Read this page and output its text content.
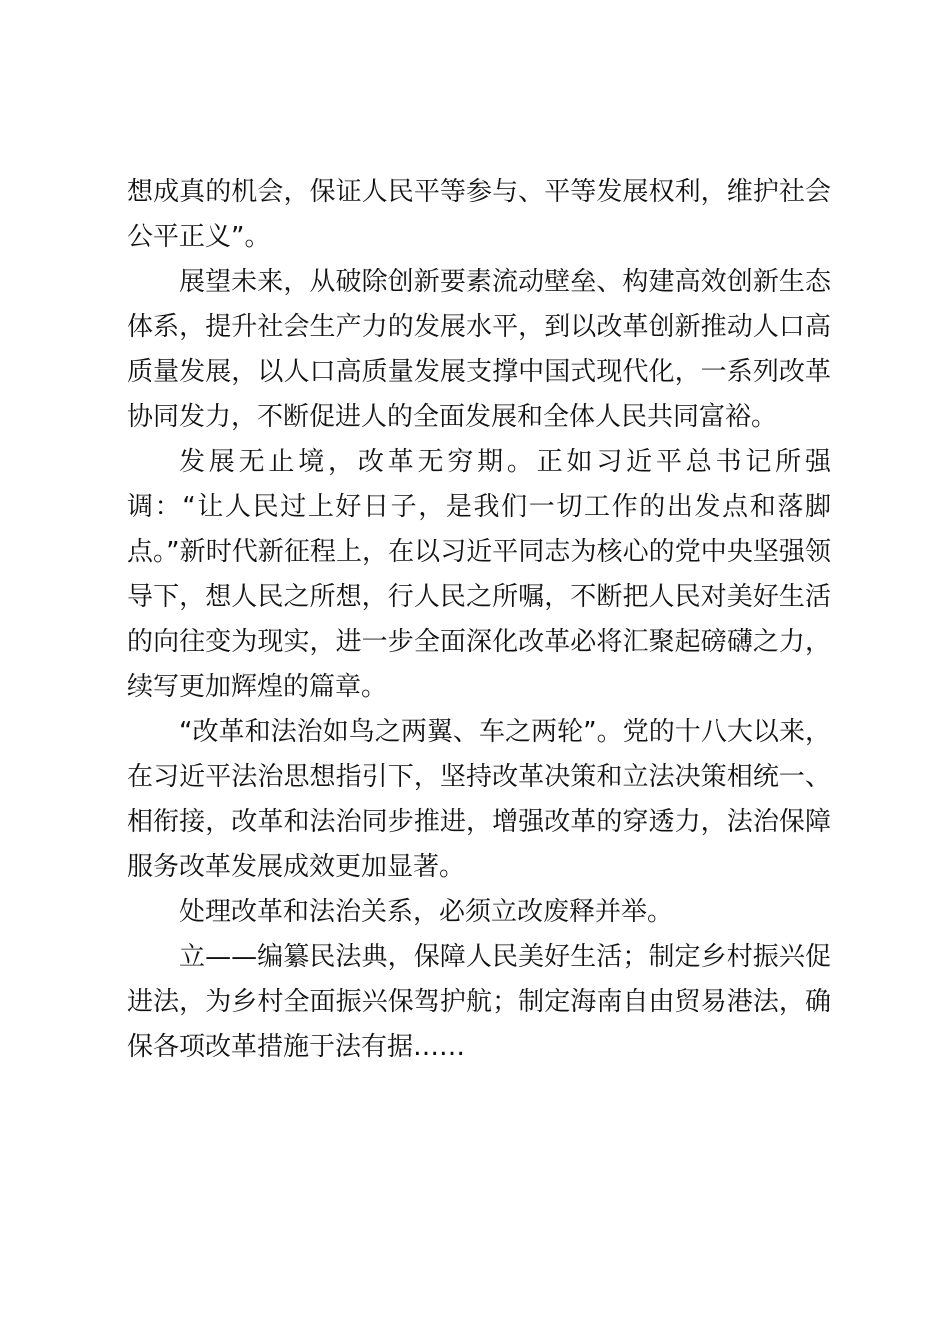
想成真的机会，保证人民平等参与、平等发展权利，维护社会公平正义”。

展望未来，从破除创新要素流动壁垒、构建高效创新生态体系，提升社会生产力的发展水平，到以改革创新推动人口高质量发展，以人口高质量发展支撑中国式现代化，一系列改革协同发力，不断促进人的全面发展和全体人民共同富裕。

发展无止境，改革无穷期。正如习近平总书记所强调：“让人民过上好日子，是我们一切工作的出发点和落脚点。”新时代新征程上，在以习近平同志为核心的党中央坚强领导下，想人民之所想，行人民之所嘱，不断把人民对美好生活的向往变为现实，进一步全面深化改革必将汇聚起磅礴之力，续写更加辉煌的篇章。

“改革和法治如鸟之两翼、车之两轮”。党的十八大以来，在习近平法治思想指引下，坚持改革决策和立法决策相统一、相衔接，改革和法治同步推进，增强改革的穿透力，法治保障服务改革发展成效更加显著。

处理改革和法治关系，必须立改废释并举。

立——编纂民法典，保障人民美好生活；制定乡村振兴促进法，为乡村全面振兴保驾护航；制定海南自由贸易港法，确保各项改革措施于法有据……
